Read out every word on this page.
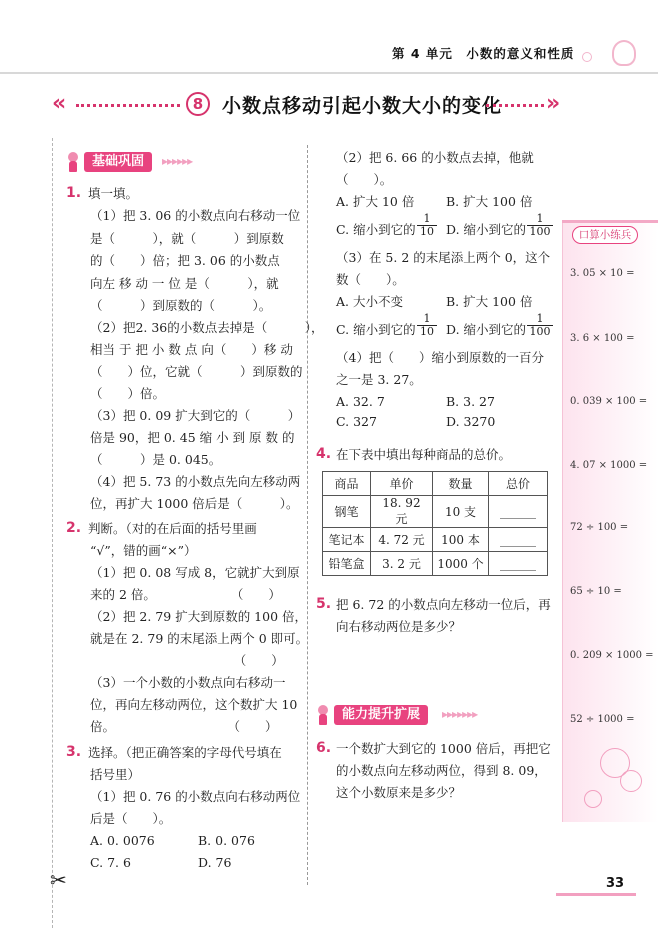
第 4 单元　小数的意义和性质
«	8 小数点移动引起小数大小的变化 »
基础巩固	▸▸▸▸▸▸
1. 填一填。
（1）把 3. 06 的小数点向右移动一位
是（　　　），就（　　　）到原数
的（　　）倍；把 3. 06 的小数点
向左 移 动 一 位 是（　　　），就
（　　　）到原数的（　　　）。
（2）把2. 36的小数点去掉是（　　　），
相当 于 把 小 数 点 向（　　）移 动
（　　）位，它就（　　　）到原数的
（　　）倍。
（3）把 0. 09 扩大到它的（　　　）
倍是 90，把 0. 45 缩 小 到 原 数 的
（　　　）是 0. 045。
（4）把 5. 73 的小数点先向左移动两
位，再扩大 1000 倍后是（　　　）。
2. 判断。（对的在后面的括号里画
“√”，错的画“×”）
（1）把 0. 08 写成 8，它就扩大到原
来的 2 倍。　　　　　　　（　　）
（2）把 2. 79 扩大到原数的 100 倍，
就是在 2. 79 的末尾添上两个 0 即可。
　　　　　　　　　　　　（　　）
（3）一个小数的小数点向右移动一
位，再向左移动两位，这个数扩大 10
倍。　　　　　　　　　　（　　）
3. 选择。（把正确答案的字母代号填在
括号里）
（1）把 0. 76 的小数点向右移动两位
后是（　　）。
A. 0. 0076	B. 0. 076
C. 7. 6	D. 76
（2）把 6. 66 的小数点去掉，他就
（　　）。
A. 扩大 10 倍	B. 扩大 100 倍
C. 缩小到它的 $\frac{1}{10} D$. 缩小到它的 $\frac{1}{100}$
（3）在 5. 2 的末尾添上两个 0，这个
数（　　）。
A. 大小不变	B. 扩大 100 倍
C. 缩小到它的 $\frac{1}{10} D$. 缩小到它的 $\frac{1}{100}$
（4）把（　　）缩小到原数的一百分
之一是 3. 27。
A. 32. 7	B. 3. 27
C. 327	D. 3270
4. 在下表中填出每种商品的总价。
商品	单价	数量	总价
钢笔	18. 92 元	10 支	______
笔记本	4. 72 元	100 本	______
铅笔盒	3. 2 元	1000 个	______
5. 把 6. 72 的小数点向左移动一位后，再
向右移动两位是多少？
能力提升扩展	▸▸▸▸▸▸▸
6. 一个数扩大到它的 1000 倍后，再把它
的小数点向左移动两位，得到 8. 09，
这个小数原来是多少？
口算小练兵
3. 05 × 10 =
3. 6 × 100 =
0. 039 × 100 =
4. 07 × 1000 =
72 ÷ 100 =
65 ÷ 10 =
0. 209 × 1000 =
52 ÷ 1000 =
✂	33
